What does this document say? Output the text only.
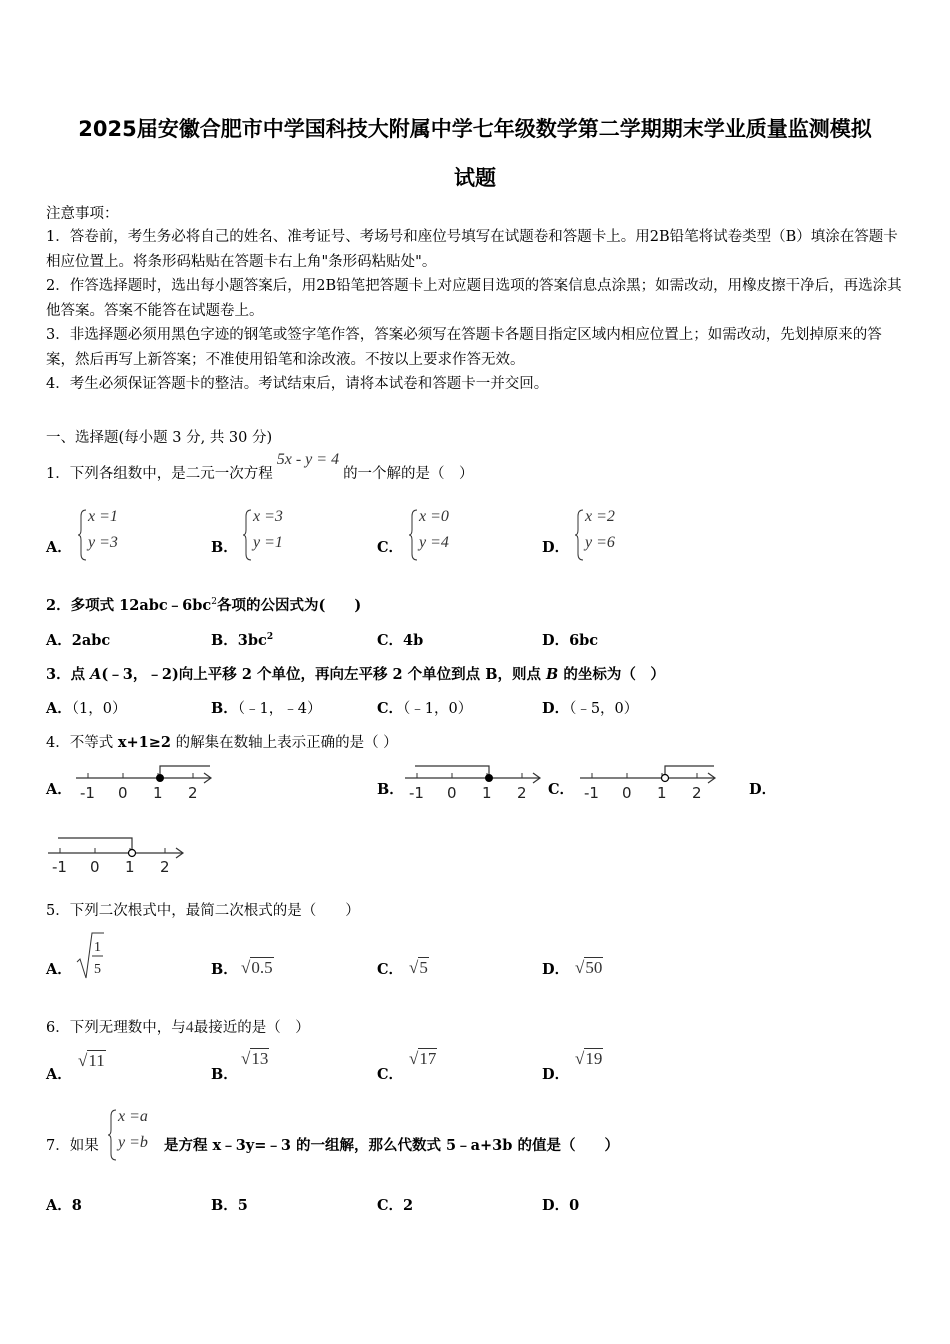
2025届安徽合肥市中学国科技大附属中学七年级数学第二学期期末学业质量监测模拟
试题
注意事项：
1．答卷前，考生务必将自己的姓名、准考证号、考场号和座位号填写在试题卷和答题卡上。用2B铅笔将试卷类型（B）填涂在答题卡相应位置上。将条形码粘贴在答题卡右上角"条形码粘贴处"。
2．作答选择题时，选出每小题答案后，用2B铅笔把答题卡上对应题目选项的答案信息点涂黑；如需改动，用橡皮擦干净后，再选涂其他答案。答案不能答在试题卷上。
3．非选择题必须用黑色字迹的钢笔或签字笔作答，答案必须写在答题卡各题目指定区域内相应位置上；如需改动，先划掉原来的答案，然后再写上新答案；不准使用铅笔和涂改液。不按以上要求作答无效。
4．考生必须保证答题卡的整洁。考试结束后，请将本试卷和答题卡一并交回。
一、选择题(每小题 3 分, 共 30 分)
1．下列各组数中，是二元一次方程5x - y = 4的一个解的是（　）
A．
x =1
y =3	B．
x =3
y =1	C．
x =0
y =4	D．
x =2
y =6
2．多项式 $12abc﹣6bc^2$各项的公因式为(　　)
A．2abc	B．$3bc^2$	C．4b	D．6bc
3．点 A(﹣3，﹣2)向上平移 2 个单位，再向左平移 2 个单位到点 B，则点 B 的坐标为（　）
A．（1，0）	B．（﹣1，﹣4）	C．（﹣1，0）	D．（﹣5，0）
4．不等式 x+1≥2 的解集在数轴上表示正确的是（ ）
A． -1 0 1 2	B． -1 0 1 2 C． -1 0 1 2	D．
-1 0 1 2
5．下列二次根式中，最简二次根式的是（　　）
A．
1
5	B． √0.5	C． √5	D． √50
6．下列无理数中，与4最接近的是（　）
A．
√11
B．
√13
C．
√17
D．
√19
7．如果
x =a
y =b 是方程 x﹣3y=﹣3 的一组解，那么代数式 5﹣a+3b 的值是（　　）
A．8	B．5	C．2	D．0
